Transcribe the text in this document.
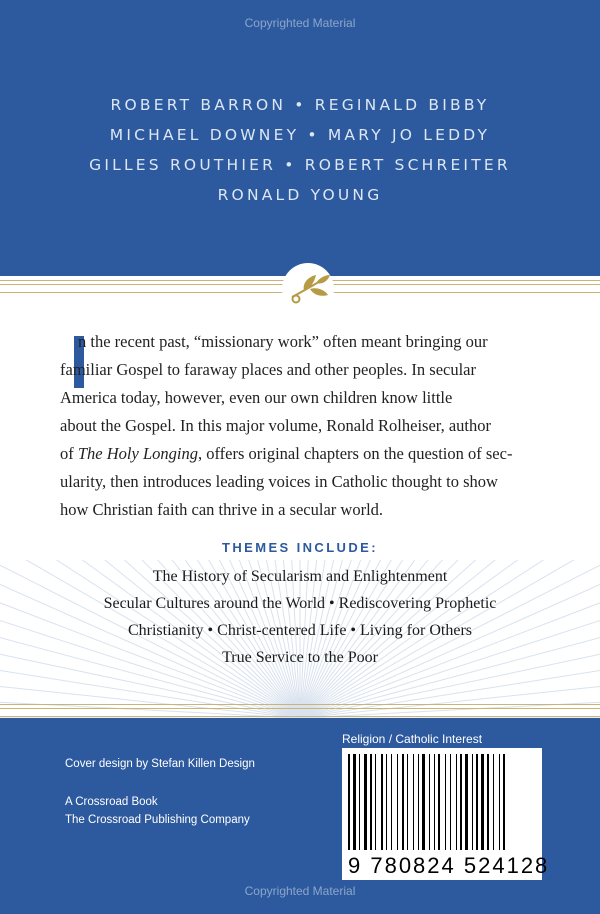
Copyrighted Material
ROBERT BARRON • REGINALD BIBBY
MICHAEL DOWNEY • MARY JO LEDDY
GILLES ROUTHIER • ROBERT SCHREITER
RONALD YOUNG
n the recent past, “missionary work” often meant bringing our
familiar Gospel to faraway places and other peoples. In secular
America today, however, even our own children know little
about the Gospel. In this major volume, Ronald Rolheiser, author
of The Holy Longing, offers original chapters on the question of sec-
ularity, then introduces leading voices in Catholic thought to show
how Christian faith can thrive in a secular world.
THEMES INCLUDE:
The History of Secularism and Enlightenment
Secular Cultures around the World • Rediscovering Prophetic
Christianity • Christ-centered Life • Living for Others
True Service to the Poor
Cover design by Stefan Killen Design
A Crossroad Book
The Crossroad Publishing Company
Religion / Catholic Interest
9 780824 524128
Copyrighted Material
